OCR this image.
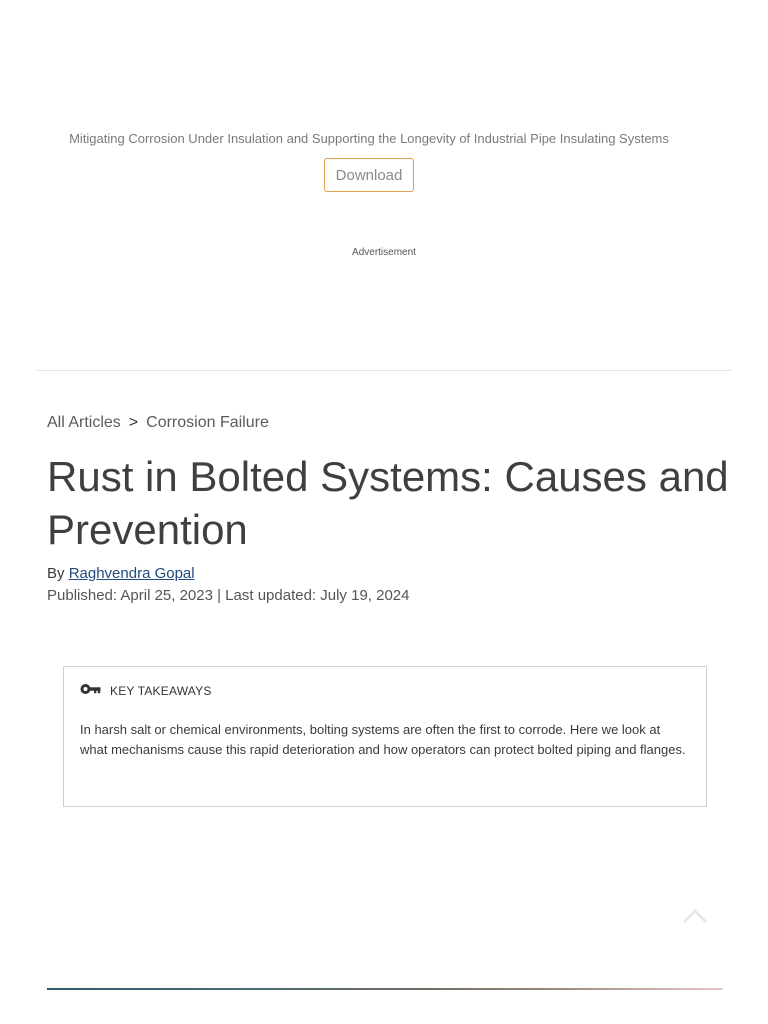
Mitigating Corrosion Under Insulation and Supporting the Longevity of Industrial Pipe Insulating Systems

Download
Advertisement
All Articles > Corrosion Failure
Rust in Bolted Systems: Causes and Prevention
By Raghvendra Gopal
Published: April 25, 2023 | Last updated: July 19, 2024
KEY TAKEAWAYS

In harsh salt or chemical environments, bolting systems are often the first to corrode. Here we look at what mechanisms cause this rapid deterioration and how operators can protect bolted piping and flanges.
